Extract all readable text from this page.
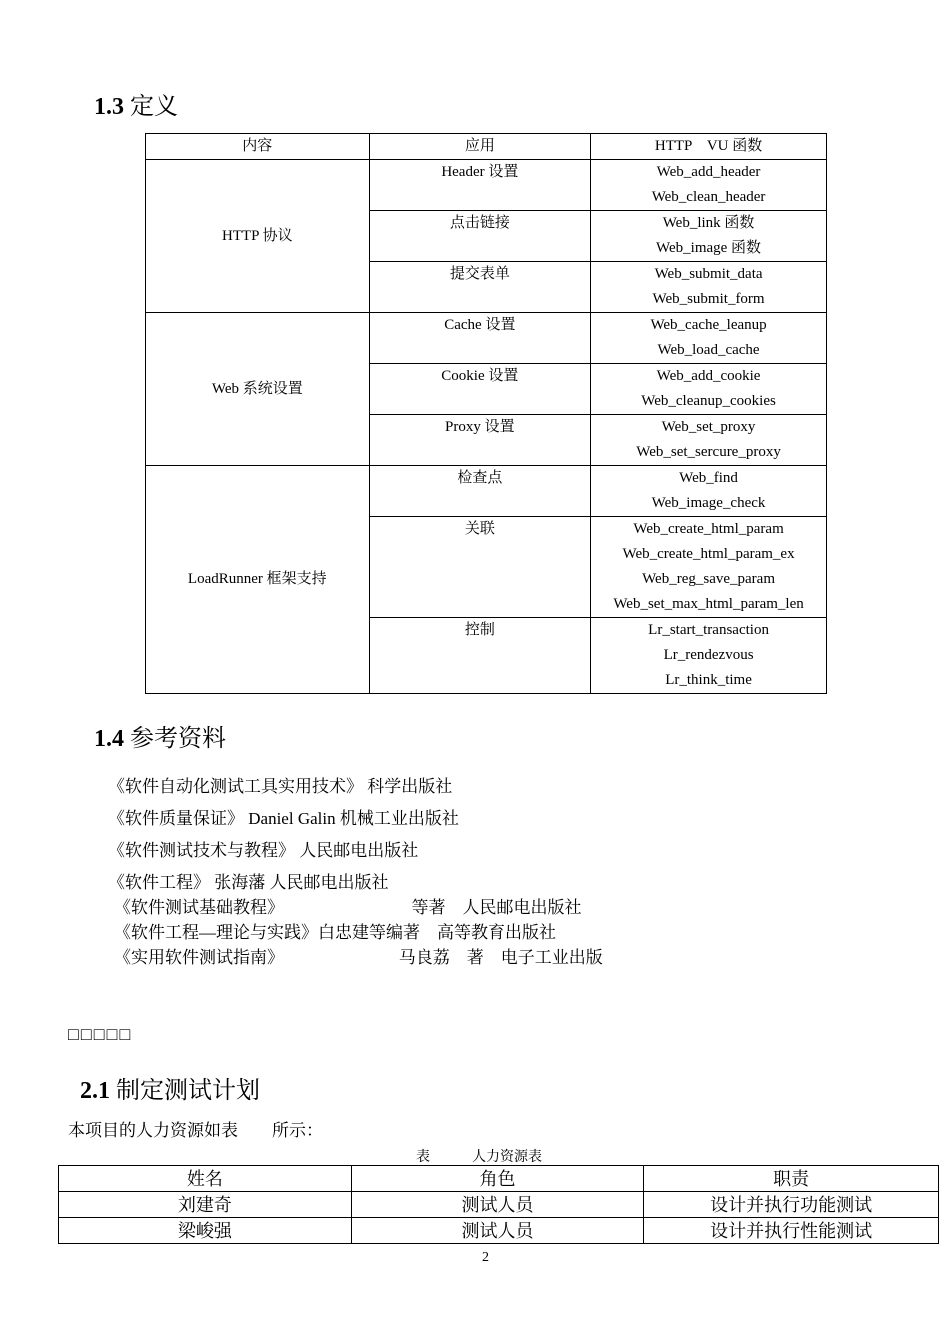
1.3 定义
内容	应用	HTTP　VU 函数
HTTP 协议	Header 设置	Web_add_header
Web_clean_header

	点击链接	Web_link 函数
Web_image 函数

	提交表单	Web_submit_data
Web_submit_form

Web 系统设置	Cache 设置	Web_cache_leanup
Web_load_cache

	Cookie 设置	Web_add_cookie
Web_cleanup_cookies

	Proxy 设置	Web_set_proxy
Web_set_sercure_proxy

LoadRunner 框架支持	检查点	Web_find
Web_image_check

	关联	Web_create_html_param
Web_create_html_param_ex
Web_reg_save_param
Web_set_max_html_param_len

	控制	Lr_start_transaction
Lr_rendezvous
Lr_think_time
1.4 参考资料
《软件自动化测试工具实用技术》 科学出版社
《软件质量保证》 Daniel Galin 机械工业出版社
《软件测试技术与教程》 人民邮电出版社
《软件工程》 张海藩 人民邮电出版社
《软件测试基础教程》                              等著　人民邮电出版社
《软件工程—理论与实践》白忠建等编著　高等教育出版社
《实用软件测试指南》                           马良荔　著　电子工业出版
□□□□□
2.1 制定测试计划
本项目的人力资源如表　　所示：
表　　　人力资源表
姓名	角色	职责
刘建奇	测试人员	设计并执行功能测试
梁峻强	测试人员	设计并执行性能测试
2
